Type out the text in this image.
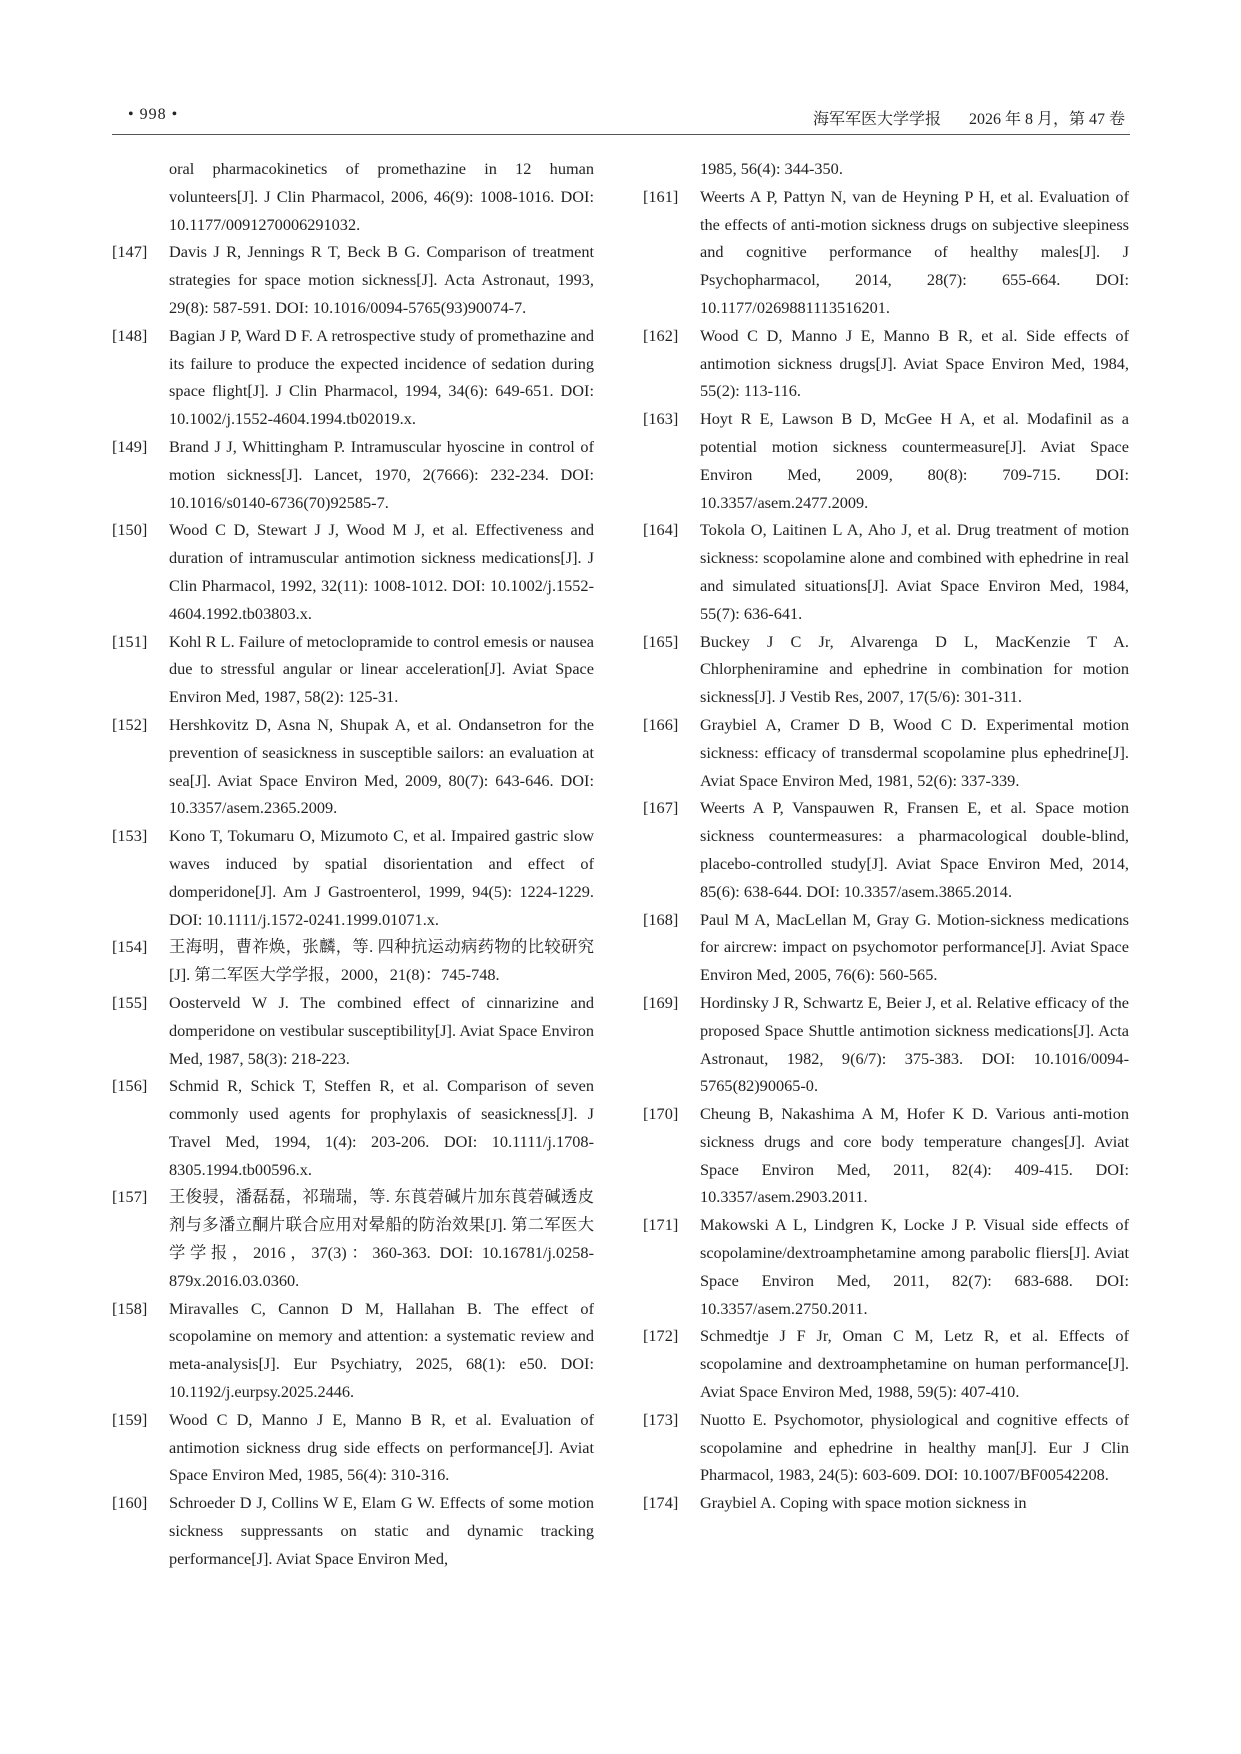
• 998 •	海军军医大学学报 2026 年 8 月，第 47 卷
oral pharmacokinetics of promethazine in 12 human volunteers[J]. J Clin Pharmacol, 2006, 46(9): 1008-1016. DOI: 10.1177/0091270006291032.
[147]	Davis J R, Jennings R T, Beck B G. Comparison of treatment strategies for space motion sickness[J]. Acta Astronaut, 1993, 29(8): 587-591. DOI: 10.1016/0094-5765(93)90074-7.
[148]	Bagian J P, Ward D F. A retrospective study of promethazine and its failure to produce the expected incidence of sedation during space flight[J]. J Clin Pharmacol, 1994, 34(6): 649-651. DOI: 10.1002/j.1552-4604.1994.tb02019.x.
[149]	Brand J J, Whittingham P. Intramuscular hyoscine in control of motion sickness[J]. Lancet, 1970, 2(7666): 232-234. DOI: 10.1016/s0140-6736(70)92585-7.
[150]	Wood C D, Stewart J J, Wood M J, et al. Effectiveness and duration of intramuscular antimotion sickness medications[J]. J Clin Pharmacol, 1992, 32(11): 1008-1012. DOI: 10.1002/j.1552-4604.1992.tb03803.x.
[151]	Kohl R L. Failure of metoclopramide to control emesis or nausea due to stressful angular or linear acceleration[J]. Aviat Space Environ Med, 1987, 58(2): 125-31.
[152]	Hershkovitz D, Asna N, Shupak A, et al. Ondansetron for the prevention of seasickness in susceptible sailors: an evaluation at sea[J]. Aviat Space Environ Med, 2009, 80(7): 643-646. DOI: 10.3357/asem.2365.2009.
[153]	Kono T, Tokumaru O, Mizumoto C, et al. Impaired gastric slow waves induced by spatial disorientation and effect of domperidone[J]. Am J Gastroenterol, 1999, 94(5): 1224-1229. DOI: 10.1111/j.1572-0241.1999.01071.x.
[154]	王海明，曹祚焕，张麟，等. 四种抗运动病药物的比较研究[J]. 第二军医大学学报，2000，21(8)：745-748.
[155]	Oosterveld W J. The combined effect of cinnarizine and domperidone on vestibular susceptibility[J]. Aviat Space Environ Med, 1987, 58(3): 218-223.
[156]	Schmid R, Schick T, Steffen R, et al. Comparison of seven commonly used agents for prophylaxis of seasickness[J]. J Travel Med, 1994, 1(4): 203-206. DOI: 10.1111/j.1708-8305.1994.tb00596.x.
[157]	王俊骎，潘磊磊，祁瑞瑞，等. 东莨菪碱片加东莨菪碱透皮剂与多潘立酮片联合应用对晕船的防治效果[J]. 第二军医大学学报，2016，37(3)：360-363. DOI: 10.16781/j.0258-879x.2016.03.0360.
[158]	Miravalles C, Cannon D M, Hallahan B. The effect of scopolamine on memory and attention: a systematic review and meta-analysis[J]. Eur Psychiatry, 2025, 68(1): e50. DOI: 10.1192/j.eurpsy.2025.2446.
[159]	Wood C D, Manno J E, Manno B R, et al. Evaluation of antimotion sickness drug side effects on performance[J]. Aviat Space Environ Med, 1985, 56(4): 310-316.
[160]	Schroeder D J, Collins W E, Elam G W. Effects of some motion sickness suppressants on static and dynamic tracking performance[J]. Aviat Space Environ Med,
1985, 56(4): 344-350.
[161]	Weerts A P, Pattyn N, van de Heyning P H, et al. Evaluation of the effects of anti-motion sickness drugs on subjective sleepiness and cognitive performance of healthy males[J]. J Psychopharmacol, 2014, 28(7): 655-664. DOI: 10.1177/0269881113516201.
[162]	Wood C D, Manno J E, Manno B R, et al. Side effects of antimotion sickness drugs[J]. Aviat Space Environ Med, 1984, 55(2): 113-116.
[163]	Hoyt R E, Lawson B D, McGee H A, et al. Modafinil as a potential motion sickness countermeasure[J]. Aviat Space Environ Med, 2009, 80(8): 709-715. DOI: 10.3357/asem.2477.2009.
[164]	Tokola O, Laitinen L A, Aho J, et al. Drug treatment of motion sickness: scopolamine alone and combined with ephedrine in real and simulated situations[J]. Aviat Space Environ Med, 1984, 55(7): 636-641.
[165]	Buckey J C Jr, Alvarenga D L, MacKenzie T A. Chlorpheniramine and ephedrine in combination for motion sickness[J]. J Vestib Res, 2007, 17(5/6): 301-311.
[166]	Graybiel A, Cramer D B, Wood C D. Experimental motion sickness: efficacy of transdermal scopolamine plus ephedrine[J]. Aviat Space Environ Med, 1981, 52(6): 337-339.
[167]	Weerts A P, Vanspauwen R, Fransen E, et al. Space motion sickness countermeasures: a pharmacological double-blind, placebo-controlled study[J]. Aviat Space Environ Med, 2014, 85(6): 638-644. DOI: 10.3357/asem.3865.2014.
[168]	Paul M A, MacLellan M, Gray G. Motion-sickness medications for aircrew: impact on psychomotor performance[J]. Aviat Space Environ Med, 2005, 76(6): 560-565.
[169]	Hordinsky J R, Schwartz E, Beier J, et al. Relative efficacy of the proposed Space Shuttle antimotion sickness medications[J]. Acta Astronaut, 1982, 9(6/7): 375-383. DOI: 10.1016/0094-5765(82)90065-0.
[170]	Cheung B, Nakashima A M, Hofer K D. Various anti-motion sickness drugs and core body temperature changes[J]. Aviat Space Environ Med, 2011, 82(4): 409-415. DOI: 10.3357/asem.2903.2011.
[171]	Makowski A L, Lindgren K, Locke J P. Visual side effects of scopolamine/dextroamphetamine among parabolic fliers[J]. Aviat Space Environ Med, 2011, 82(7): 683-688. DOI: 10.3357/asem.2750.2011.
[172]	Schmedtje J F Jr, Oman C M, Letz R, et al. Effects of scopolamine and dextroamphetamine on human performance[J]. Aviat Space Environ Med, 1988, 59(5): 407-410.
[173]	Nuotto E. Psychomotor, physiological and cognitive effects of scopolamine and ephedrine in healthy man[J]. Eur J Clin Pharmacol, 1983, 24(5): 603-609. DOI: 10.1007/BF00542208.
[174]	Graybiel A. Coping with space motion sickness in
